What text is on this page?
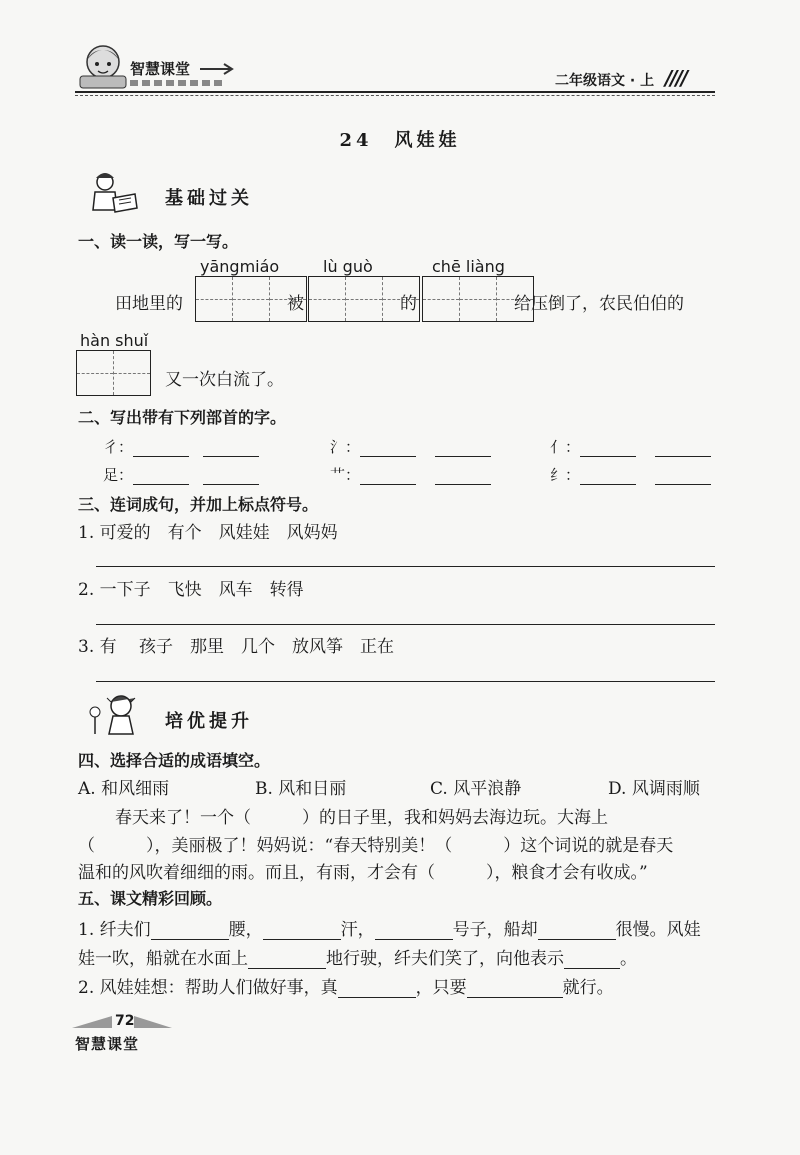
智慧课堂
二年级语文 · 上 ////
24　风娃娃
基础过关
一、读一读，写一写。
yāngmiáo	lù guò	chē liàng
田地里的	被	的	给压倒了，农民伯伯的
hàn shuǐ
又一次白流了。
二、写出带有下列部首的字。
彳：	氵：	亻：
足：	艹：	纟：
三、连词成句，并加上标点符号。
1. 可爱的　有个　风娃娃　风妈妈
2. 一下子　飞快　风车　转得
3. 有　 孩子　那里　几个　放风筝　正在
培优提升
四、选择合适的成语填空。
A. 和风细雨	B. 风和日丽	C. 风平浪静	D. 风调雨顺
春天来了！一个（　　　）的日子里，我和妈妈去海边玩。大海上
（　　　），美丽极了！妈妈说：“春天特别美！（　　　）这个词说的就是春天
温和的风吹着细细的雨。而且，有雨，才会有（　　　），粮食才会有收成。”
五、课文精彩回顾。
1. 纤夫们	腰，	汗，	号子，船却	很慢。风娃
娃一吹，船就在水面上	地行驶，纤夫们笑了，向他表示	。
2. 风娃娃想：帮助人们做好事，真	，只要	就行。
72
智慧课堂
